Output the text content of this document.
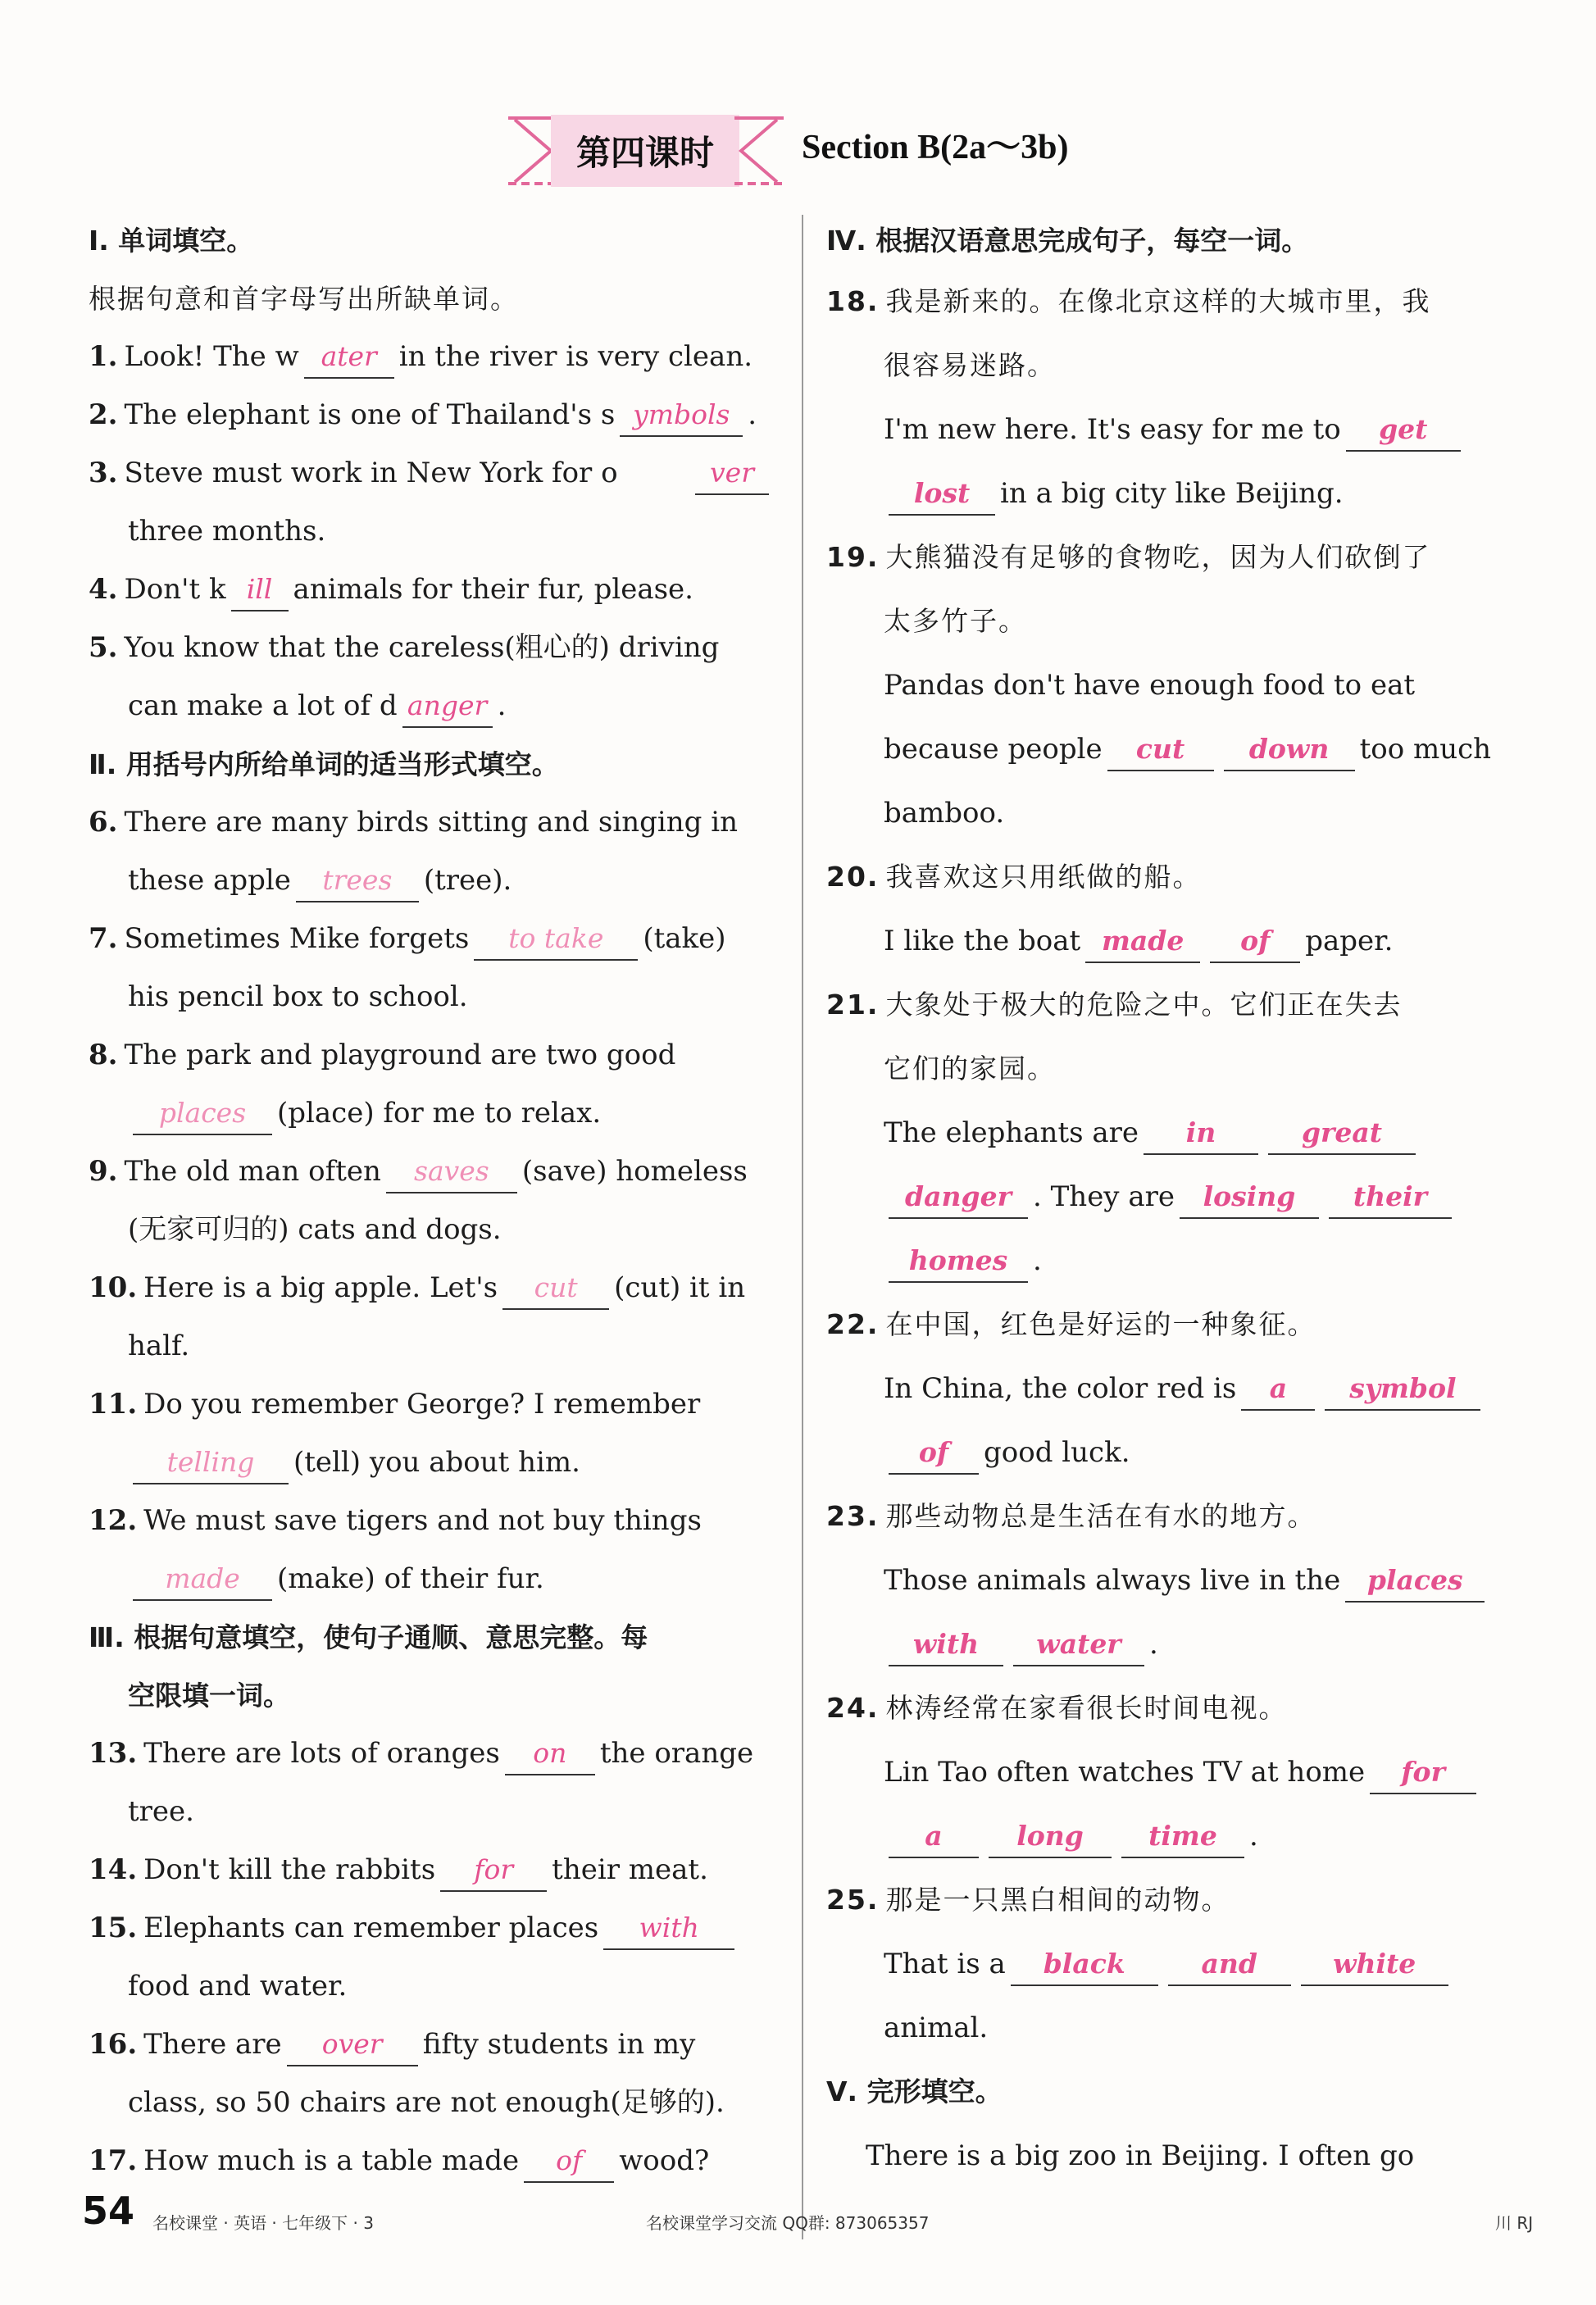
第四课时	Section B(2a～3b)
Ⅰ. 单词填空。
根据句意和首字母写出所缺单词。
1. Look! The w ater in the river is very clean.
2. The elephant is one of Thailand's s ymbols .
3. Steve must work in New York for o	ver
three months.
4. Don't k ill animals for their fur, please.
5. You know that the careless(粗心的) driving
can make a lot of d anger .
Ⅱ. 用括号内所给单词的适当形式填空。
6. There are many birds sitting and singing in
these apple	trees	(tree).
7. Sometimes Mike forgets	to take	(take)
his pencil box to school.
8. The park and playground are two good
places	(place) for me to relax.
9. The old man often	saves	(save) homeless
(无家可归的) cats and dogs.
10. Here is a big apple. Let's	cut	(cut) it in
half.
11. Do you remember George? I remember
telling	(tell) you about him.
12. We must save tigers and not buy things
made	(make) of their fur.
Ⅲ. 根据句意填空，使句子通顺、意思完整。每
空限填一词。
13. There are lots of oranges	on	the orange
tree.
14. Don't kill the rabbits	for	their meat.
15. Elephants can remember places	with
food and water.
16. There are	over	fifty students in my
class, so 50 chairs are not enough(足够的).
17. How much is a table made	of	wood?
Ⅳ. 根据汉语意思完成句子，每空一词。
18. 我是新来的。在像北京这样的大城市里，我
很容易迷路。
I'm new here. It's easy for me to	get
lost	in a big city like Beijing.
19. 大熊猫没有足够的食物吃，因为人们砍倒了
太多竹子。
Pandas don't have enough food to eat
because people	cut	down	too much
bamboo.
20. 我喜欢这只用纸做的船。
I like the boat made	of	paper.
21. 大象处于极大的危险之中。它们正在失去
它们的家园。
The elephants are	in	great
danger . They are	losing	their
homes .
22. 在中国，红色是好运的一种象征。
In China, the color red is	a	symbol
of	good luck.
23. 那些动物总是生活在有水的地方。
Those animals always live in the places
with	water	.
24. 林涛经常在家看很长时间电视。
Lin Tao often watches TV at home	for
a	long	time	.
25. 那是一只黑白相间的动物。
That is a	black	and	white
animal.
Ⅴ. 完形填空。
There is a big zoo in Beijing. I often go
54 名校课堂 · 英语 · 七年级下 · 3	名校课堂学习交流 QQ群: 873065357	川 RJ
